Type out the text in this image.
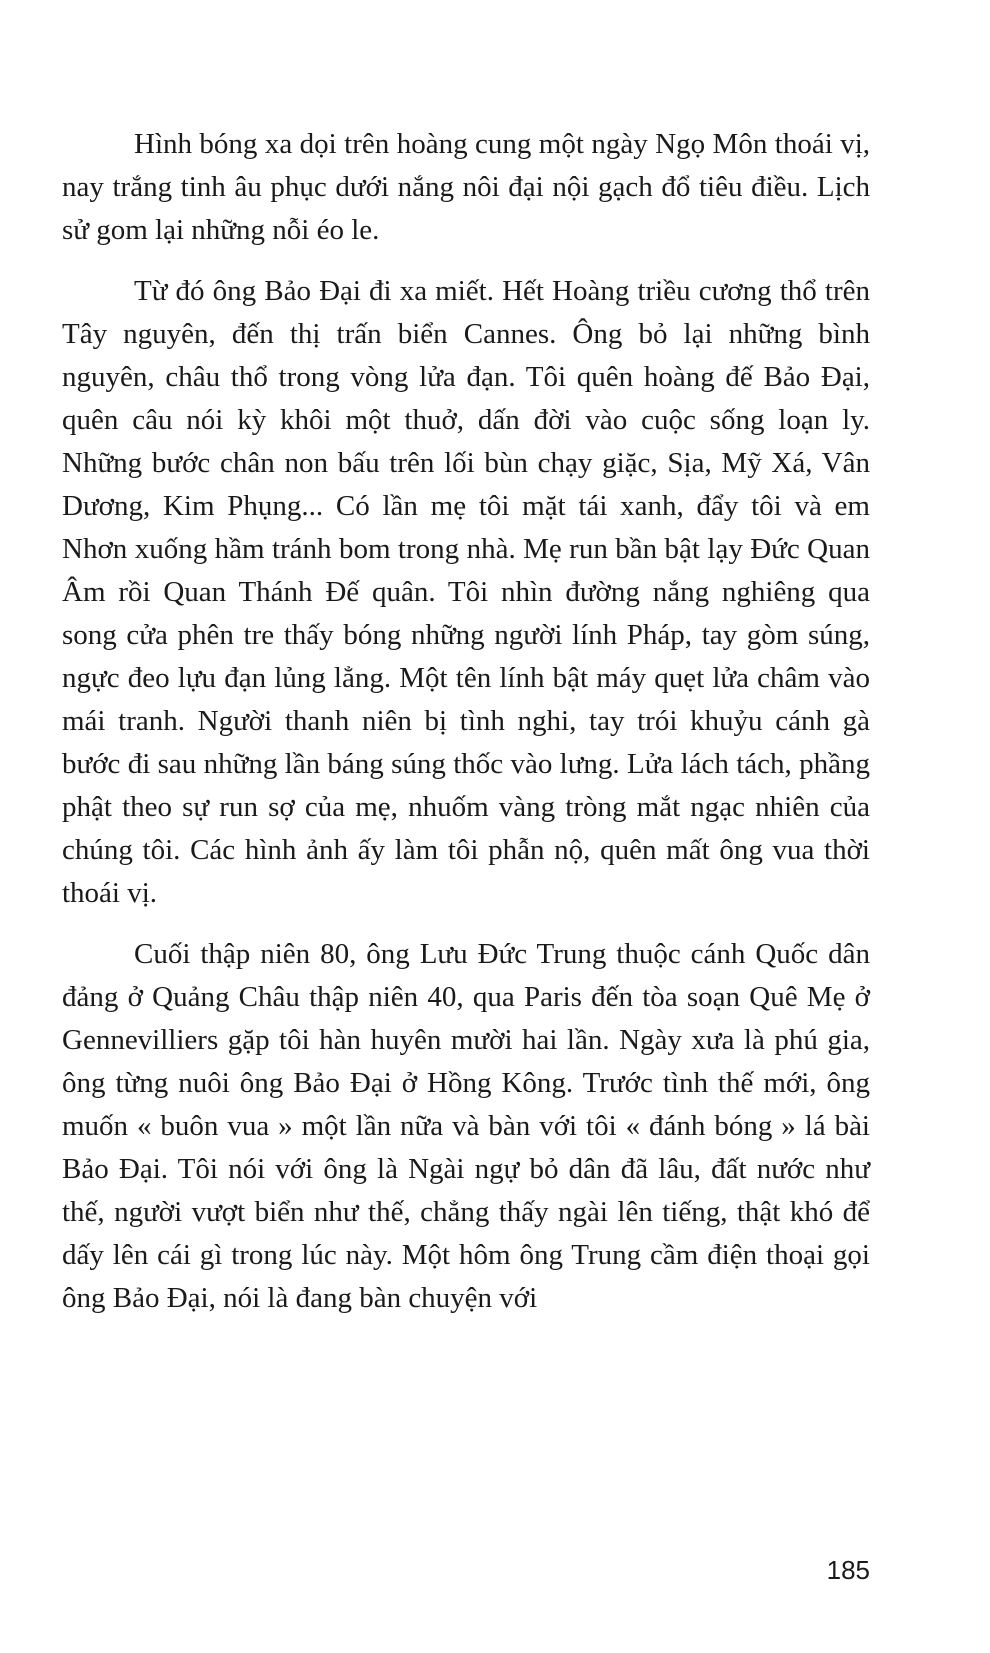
Hình bóng xa dọi trên hoàng cung một ngày Ngọ Môn thoái vị, nay trắng tinh âu phục dưới nắng nôi đại nội gạch đổ tiêu điều. Lịch sử gom lại những nỗi éo le.

Từ đó ông Bảo Đại đi xa miết. Hết Hoàng triều cương thổ trên Tây nguyên, đến thị trấn biển Cannes. Ông bỏ lại những bình nguyên, châu thổ trong vòng lửa đạn. Tôi quên hoàng đế Bảo Đại, quên câu nói kỳ khôi một thuở, dấn đời vào cuộc sống loạn ly. Những bước chân non bấu trên lối bùn chạy giặc, Sịa, Mỹ Xá, Vân Dương, Kim Phụng... Có lần mẹ tôi mặt tái xanh, đẩy tôi và em Nhơn xuống hầm tránh bom trong nhà. Mẹ run bần bật lạy Đức Quan Âm rồi Quan Thánh Đế quân. Tôi nhìn đường nắng nghiêng qua song cửa phên tre thấy bóng những người lính Pháp, tay gòm súng, ngực đeo lựu đạn lủng lẳng. Một tên lính bật máy quẹt lửa châm vào mái tranh. Người thanh niên bị tình nghi, tay trói khuỷu cánh gà bước đi sau những lần báng súng thốc vào lưng. Lửa lách tách, phầng phật theo sự run sợ của mẹ, nhuốm vàng tròng mắt ngạc nhiên của chúng tôi. Các hình ảnh ấy làm tôi phẫn nộ, quên mất ông vua thời thoái vị.

Cuối thập niên 80, ông Lưu Đức Trung thuộc cánh Quốc dân đảng ở Quảng Châu thập niên 40, qua Paris đến tòa soạn Quê Mẹ ở Gennevilliers gặp tôi hàn huyên mười hai lần. Ngày xưa là phú gia, ông từng nuôi ông Bảo Đại ở Hồng Kông. Trước tình thế mới, ông muốn « buôn vua » một lần nữa và bàn với tôi « đánh bóng » lá bài Bảo Đại. Tôi nói với ông là Ngài ngự bỏ dân đã lâu, đất nước như thế, người vượt biển như thế, chẳng thấy ngài lên tiếng, thật khó để dấy lên cái gì trong lúc này. Một hôm ông Trung cầm điện thoại gọi ông Bảo Đại, nói là đang bàn chuyện với

185
